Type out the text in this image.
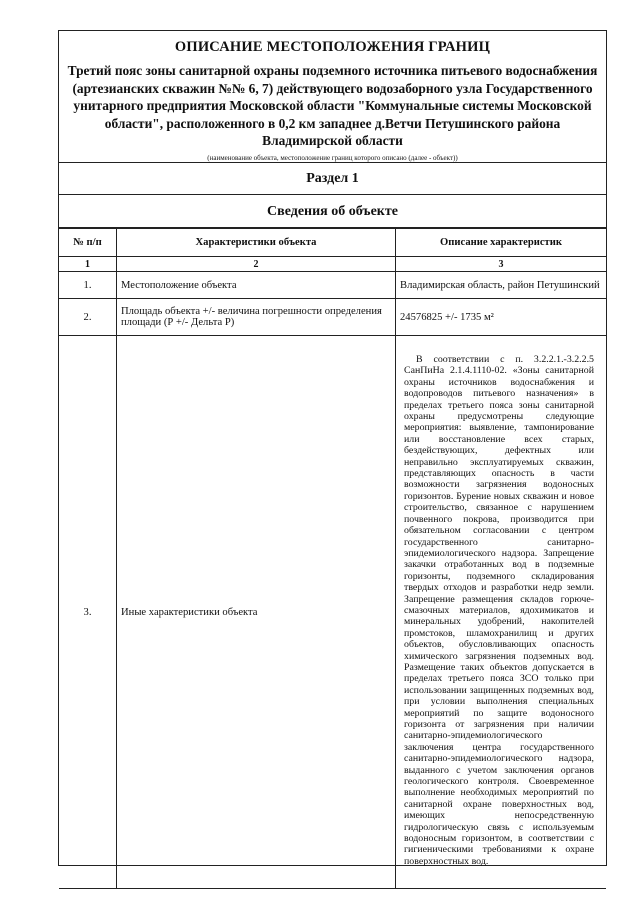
ОПИСАНИЕ МЕСТОПОЛОЖЕНИЯ ГРАНИЦ
Третий пояс зоны санитарной охраны подземного источника питьевого водоснабжения (артезианских скважин №№ 6, 7) действующего водозаборного узла Государственного унитарного предприятия Московской области "Коммунальные системы Московской области", расположенного в 0,2 км западнее д.Ветчи Петушинского района Владимирской области
(наименование объекта, местоположение границ которого описано (далее - объект))
Раздел 1
Сведения об объекте
№ п/п	Характеристики объекта	Описание характеристик
1	2	3
1.	Местоположение объекта	Владимирская область, район Петушинский
2.	Площадь объекта +/- величина погрешности определения площади (Р +/- Дельта Р)	24576825 +/- 1735 м²
3.	Иные характеристики объекта	В соответствии с п. 3.2.2.1.-3.2.2.5 СанПиНа 2.1.4.1110-02. «Зоны санитарной охраны источников водоснабжения и водопроводов питьевого назначения» в пределах третьего пояса зоны санитарной охраны предусмотрены следующие мероприятия: выявление, тампонирование или восстановление всех старых, бездействующих, дефектных или неправильно эксплуатируемых скважин, представляющих опасность в части возможности загрязнения водоносных горизонтов. Бурение новых скважин и новое строительство, связанное с нарушением почвенного покрова, производится при обязательном согласовании с центром государственного санитарно-эпидемиологического надзора. Запрещение закачки отработанных вод в подземные горизонты, подземного складирования твердых отходов и разработки недр земли. Запрещение размещения складов горюче-смазочных материалов, ядохимикатов и минеральных удобрений, накопителей промстоков, шламохранилищ и других объектов, обусловливающих опасность химического загрязнения подземных вод. Размещение таких объектов допускается в пределах третьего пояса ЗСО только при использовании защищенных подземных вод, при условии выполнения специальных мероприятий по защите водоносного горизонта от загрязнения при наличии санитарно-эпидемиологического заключения центра государственного санитарно-эпидемиологического надзора, выданного с учетом заключения органов геологического контроля. Своевременное выполнение необходимых мероприятий по санитарной охране поверхностных вод, имеющих непосредственную гидрологическую связь с используемым водоносным горизонтом, в соответствии с гигиеническими требованиями к охране поверхностных вод.
